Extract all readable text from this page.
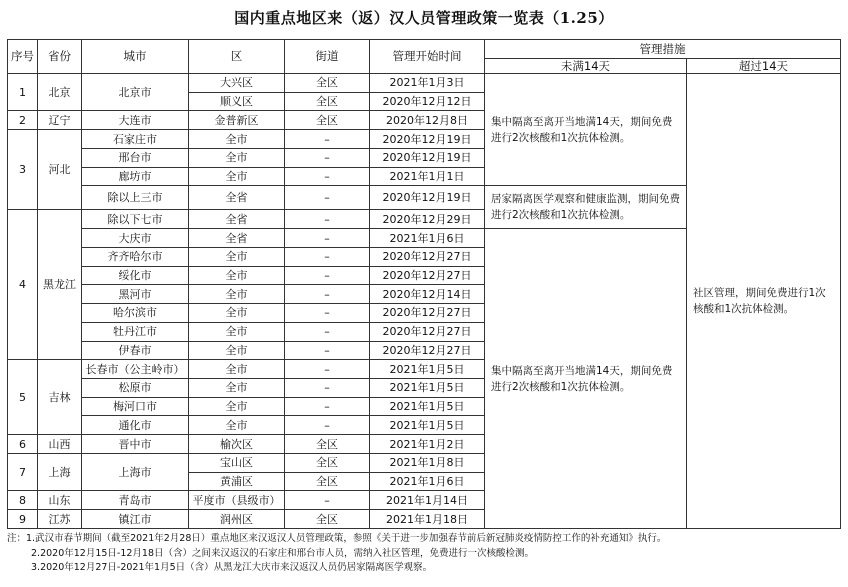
国内重点地区来（返）汉人员管理政策一览表（1.25）
序号	省份	城市	区	街道	管理开始时间	管理措施	
						未满14天	超过14天
1	北京	北京市	大兴区	全区	2021年1月3日	集中隔离至离开当地满14天，期间免费进行2次核酸和1次抗体检测。	社区管理，期间免费进行1次核酸和1次抗体检测。
			顺义区	全区	2020年12月12日		
2	辽宁	大连市	金普新区	全区	2020年12月8日		
3	河北	石家庄市	全市	–	2020年12月19日		
		邢台市	全市	–	2020年12月19日		
		廊坊市	全市	–	2021年1月1日		
		除以上三市	全省	–	2020年12月19日	居家隔离医学观察和健康监测，期间免费进行2次核酸和1次抗体检测。	
4	黑龙江	除以下七市	全省	–	2020年12月29日		
		大庆市	全省	–	2021年1月6日	集中隔离至离开当地满14天，期间免费进行2次核酸和1次抗体检测。	
		齐齐哈尔市	全市	–	2020年12月27日		
		绥化市	全市	–	2020年12月27日		
		黑河市	全市	–	2020年12月14日		
		哈尔滨市	全市	–	2020年12月27日		
		牡丹江市	全市	–	2020年12月27日		
		伊春市	全市	–	2020年12月27日		
5	吉林	长春市（公主岭市）	全市	–	2021年1月5日		
		松原市	全市	–	2021年1月5日		
		梅河口市	全市	–	2021年1月5日		
		通化市	全市	–	2021年1月5日		
6	山西	晋中市	榆次区	全区	2021年1月2日		
7	上海	上海市	宝山区	全区	2021年1月8日		
			黄浦区	全区	2021年1月6日		
8	山东	青岛市	平度市（县级市）	–	2021年1月14日		
9	江苏	镇江市	润州区	全区	2021年1月18日		
注：1.武汉市春节期间（截至2021年2月28日）重点地区来汉返汉人员管理政策，参照《关于进一步加强春节前后新冠肺炎疫情防控工作的补充通知》执行。
2.2020年12月15日-12月18日（含）之间来汉返汉的石家庄和邢台市人员，需纳入社区管理，免费进行一次核酸检测。
3.2020年12月27日-2021年1月5日（含）从黑龙江大庆市来汉返汉人员仍居家隔离医学观察。
